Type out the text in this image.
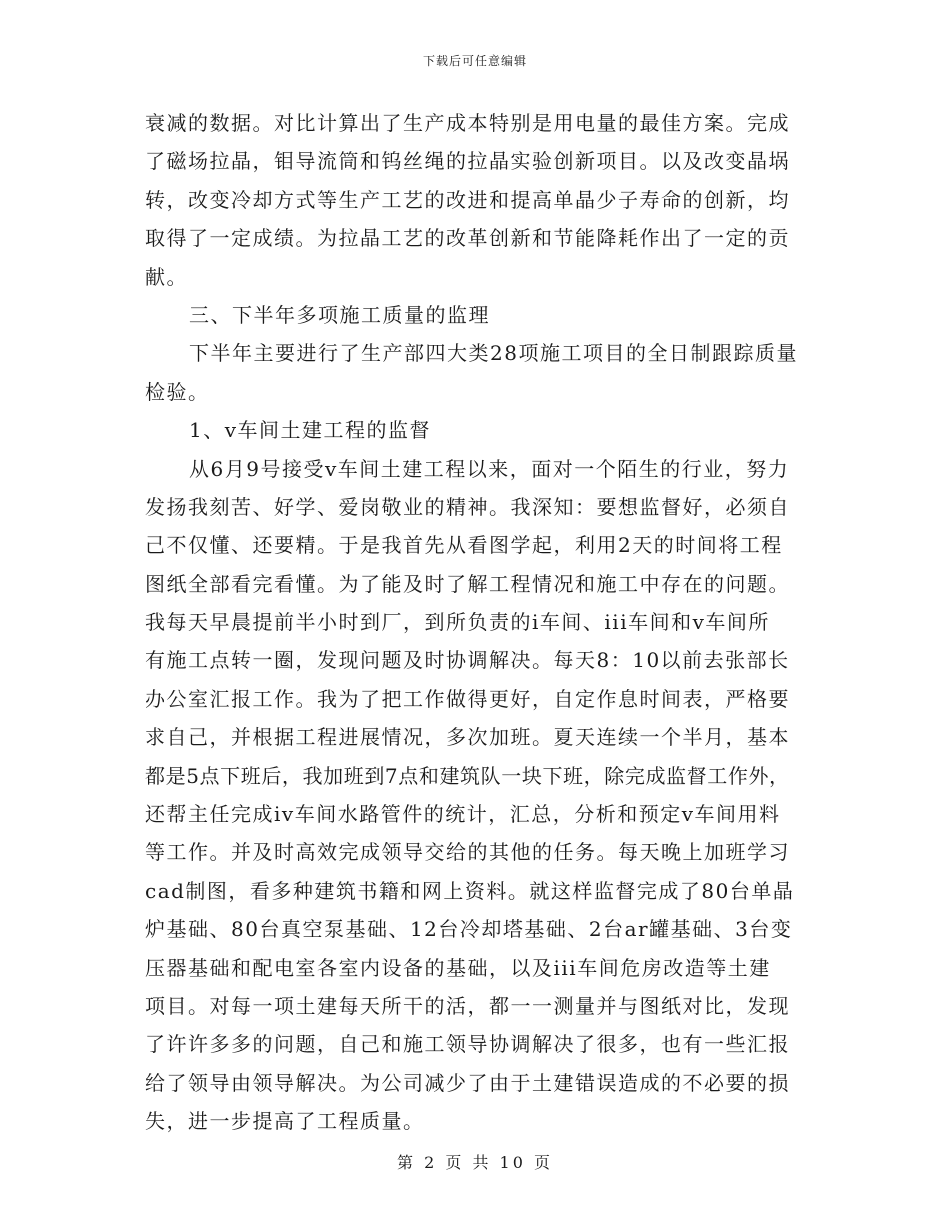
下载后可任意编辑
衰减的数据。对比计算出了生产成本特别是用电量的最佳方案。完成
了磁场拉晶，钼导流筒和钨丝绳的拉晶实验创新项目。以及改变晶埚
转，改变冷却方式等生产工艺的改进和提高单晶少子寿命的创新，均
取得了一定成绩。为拉晶工艺的改革创新和节能降耗作出了一定的贡
献。
三、下半年多项施工质量的监理
下半年主要进行了生产部四大类28项施工项目的全日制跟踪质量
检验。
1、v车间土建工程的监督
从6月9号接受v车间土建工程以来，面对一个陌生的行业，努力
发扬我刻苦、好学、爱岗敬业的精神。我深知：要想监督好，必须自
己不仅懂、还要精。于是我首先从看图学起，利用2天的时间将工程
图纸全部看完看懂。为了能及时了解工程情况和施工中存在的问题。
我每天早晨提前半小时到厂，到所负责的i车间、iii车间和v车间所
有施工点转一圈，发现问题及时协调解决。每天8：10以前去张部长
办公室汇报工作。我为了把工作做得更好，自定作息时间表，严格要
求自己，并根据工程进展情况，多次加班。夏天连续一个半月，基本
都是5点下班后，我加班到7点和建筑队一块下班，除完成监督工作外，
还帮主任完成iv车间水路管件的统计，汇总，分析和预定v车间用料
等工作。并及时高效完成领导交给的其他的任务。每天晚上加班学习
cad制图，看多种建筑书籍和网上资料。就这样监督完成了80台单晶
炉基础、80台真空泵基础、12台冷却塔基础、2台ar罐基础、3台变
压器基础和配电室各室内设备的基础，以及iii车间危房改造等土建
项目。对每一项土建每天所干的活，都一一测量并与图纸对比，发现
了许许多多的问题，自己和施工领导协调解决了很多，也有一些汇报
给了领导由领导解决。为公司减少了由于土建错误造成的不必要的损
失，进一步提高了工程质量。
第 2 页 共 10 页
